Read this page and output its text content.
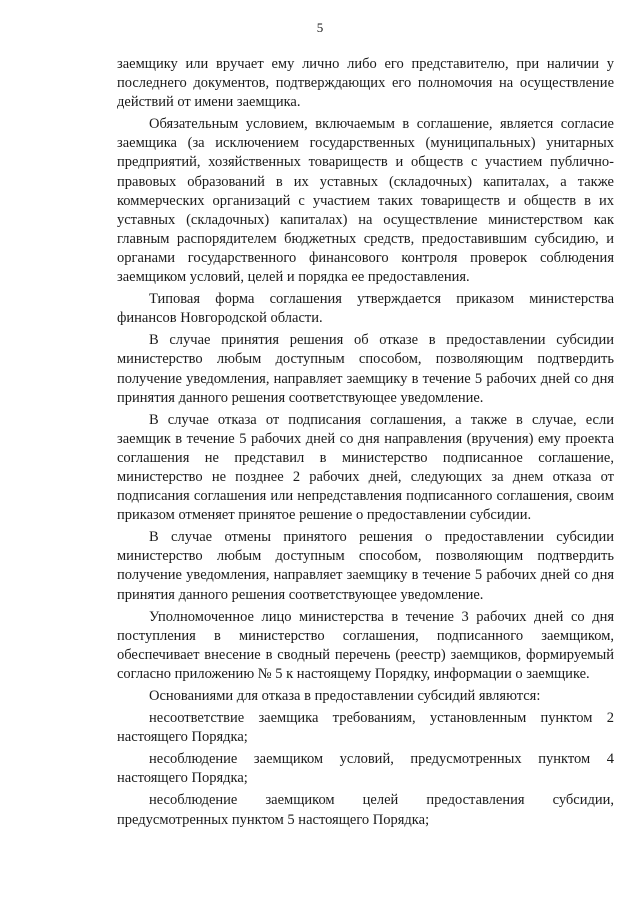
5

заемщику или вручает ему лично либо его представителю, при наличии у последнего документов, подтверждающих его полномочия на осуществление действий от имени заемщика.

Обязательным условием, включаемым в соглашение, является согласие заемщика (за исключением государственных (муниципальных) унитарных предприятий, хозяйственных товариществ и обществ с участием публично-правовых образований в их уставных (складочных) капиталах, а также коммерческих организаций с участием таких товариществ и обществ в их уставных (складочных) капиталах) на осуществление министерством как главным распорядителем бюджетных средств, предоставившим субсидию, и органами государственного финансового контроля проверок соблюдения заемщиком условий, целей и порядка ее предоставления.

Типовая форма соглашения утверждается приказом министерства финансов Новгородской области.

В случае принятия решения об отказе в предоставлении субсидии министерство любым доступным способом, позволяющим подтвердить получение уведомления, направляет заемщику в течение 5 рабочих дней со дня принятия данного решения соответствующее уведомление.

В случае отказа от подписания соглашения, а также в случае, если заемщик в течение 5 рабочих дней со дня направления (вручения) ему проекта соглашения не представил в министерство подписанное соглашение, министерство не позднее 2 рабочих дней, следующих за днем отказа от подписания соглашения или непредставления подписанного соглашения, своим приказом отменяет принятое решение о предоставлении субсидии.

В случае отмены принятого решения о предоставлении субсидии министерство любым доступным способом, позволяющим подтвердить получение уведомления, направляет заемщику в течение 5 рабочих дней со дня принятия данного решения соответствующее уведомление.

Уполномоченное лицо министерства в течение 3 рабочих дней со дня поступления в министерство соглашения, подписанного заемщиком, обеспечивает внесение в сводный перечень (реестр) заемщиков, формируемый согласно приложению № 5 к настоящему Порядку, информации о заемщике.

Основаниями для отказа в предоставлении субсидий являются:

несоответствие заемщика требованиям, установленным пунктом 2 настоящего Порядка;

несоблюдение заемщиком условий, предусмотренных пунктом 4 настоящего Порядка;

несоблюдение заемщиком целей предоставления субсидии, предусмотренных пунктом 5 настоящего Порядка;
